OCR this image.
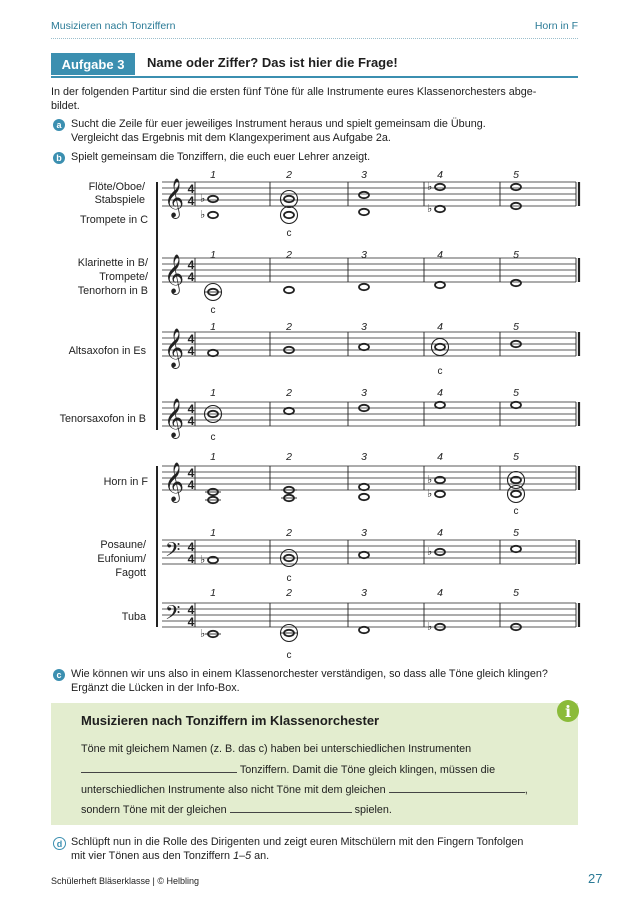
Musizieren nach Tonziffern	Horn in F
Aufgabe 3	Name oder Ziffer? Das ist hier die Frage!
In der folgenden Partitur sind die ersten fünf Töne für alle Instrumente eures Klassenorchesters abge-
bildet.
a Sucht die Zeile für euer jeweiliges Instrument heraus und spielt gemeinsam die Übung.
Vergleicht das Ergebnis mit dem Klangexperiment aus Aufgabe 2a.
b Spielt gemeinsam die Tonziffern, die euch euer Lehrer anzeigt.
Flöte/Oboe/
Stabspiele
Trompete in C
Klarinette in B/
Trompete/
Tenorhorn in B
Altsaxofon in Es
Tenorsaxofon in B
Horn in F
Posaune/
Eufonium/
Fagott
Tuba
1	2	3	4	5
1	2	3	4	5
1	2	3	4	5
1	2	3	4	5
1	2	3	4	5
1	2	3	4	5
1	2	3	4	5
𝄞 4
4
𝄞 4
4
𝄞 4
4
𝄞 4
4
𝄞 4
4
𝄢 4
4
𝄢 4
4
♭
♭
♭
♭
♭
♭
♭
♭
♭
♭
c
c
c
c
c
c
c
c Wie können wir uns also in einem Klassenorchester verständigen, so dass alle Töne gleich klingen?
Ergänzt die Lücken in der Info-Box.
i
Musizieren nach Tonziffern im Klassenorchester
Töne mit gleichem Namen (z. B. das c) haben bei unterschiedlichen Instrumenten
Tonziffern. Damit die Töne gleich klingen, müssen die
unterschiedlichen Instrumente also nicht Töne mit dem gleichen	,
sondern Töne mit der gleichen	spielen.
d Schlüpft nun in die Rolle des Dirigenten und zeigt euren Mitschülern mit den Fingern Tonfolgen
mit vier Tönen aus den Tonziffern 1–5 an.
Schülerheft Bläserklasse | © Helbling	27
